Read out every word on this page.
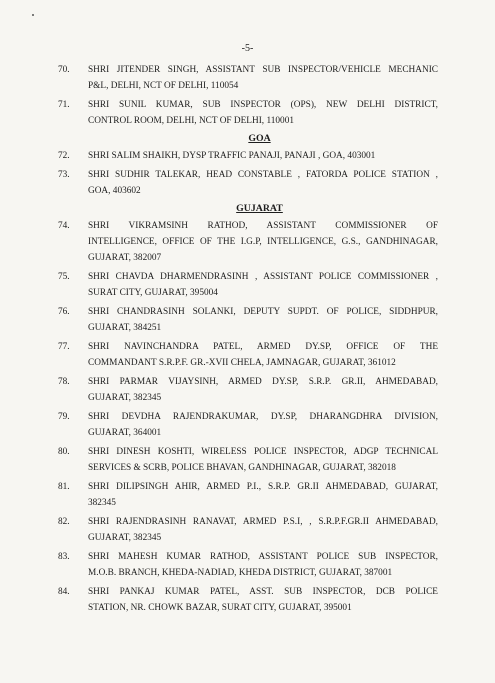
-5-
70.	SHRI JITENDER SINGH, ASSISTANT SUB INSPECTOR/VEHICLE MECHANIC
P&L, DELHI, NCT OF DELHI, 110054
71.	SHRI SUNIL KUMAR, SUB INSPECTOR (OPS), NEW DELHI DISTRICT,
CONTROL ROOM, DELHI, NCT OF DELHI, 110001
GOA
72.	SHRI SALIM SHAIKH, DYSP TRAFFIC PANAJI, PANAJI , GOA, 403001
73.	SHRI SUDHIR TALEKAR, HEAD CONSTABLE , FATORDA POLICE STATION ,
GOA, 403602
GUJARAT
74.	SHRI VIKRAMSINH RATHOD, ASSISTANT COMMISSIONER OF
INTELLIGENCE, OFFICE OF THE I.G.P, INTELLIGENCE, G.S., GANDHINAGAR,
GUJARAT, 382007
75.	SHRI CHAVDA DHARMENDRASINH , ASSISTANT POLICE COMMISSIONER ,
SURAT CITY, GUJARAT, 395004
76.	SHRI CHANDRASINH SOLANKI, DEPUTY SUPDT. OF POLICE, SIDDHPUR,
GUJARAT, 384251
77.	SHRI NAVINCHANDRA PATEL, ARMED DY.SP, OFFICE OF THE
COMMANDANT S.R.P.F. GR.-XVII CHELA, JAMNAGAR, GUJARAT, 361012
78.	SHRI PARMAR VIJAYSINH, ARMED DY.SP, S.R.P. GR.II, AHMEDABAD,
GUJARAT, 382345
79.	SHRI DEVDHA RAJENDRAKUMAR, DY.SP, DHARANGDHRA DIVISION,
GUJARAT, 364001
80.	SHRI DINESH KOSHTI, WIRELESS POLICE INSPECTOR, ADGP TECHNICAL
SERVICES & SCRB, POLICE BHAVAN, GANDHINAGAR, GUJARAT, 382018
81.	SHRI DILIPSINGH AHIR, ARMED P.I., S.R.P. GR.II AHMEDABAD, GUJARAT,
382345
82.	SHRI RAJENDRASINH RANAVAT, ARMED P.S.I, , S.R.P.F.GR.II AHMEDABAD,
GUJARAT, 382345
83.	SHRI MAHESH KUMAR RATHOD, ASSISTANT POLICE SUB INSPECTOR,
M.O.B. BRANCH, KHEDA-NADIAD, KHEDA DISTRICT, GUJARAT, 387001
84.	SHRI PANKAJ KUMAR PATEL, ASST. SUB INSPECTOR, DCB POLICE
STATION, NR. CHOWK BAZAR, SURAT CITY, GUJARAT, 395001
